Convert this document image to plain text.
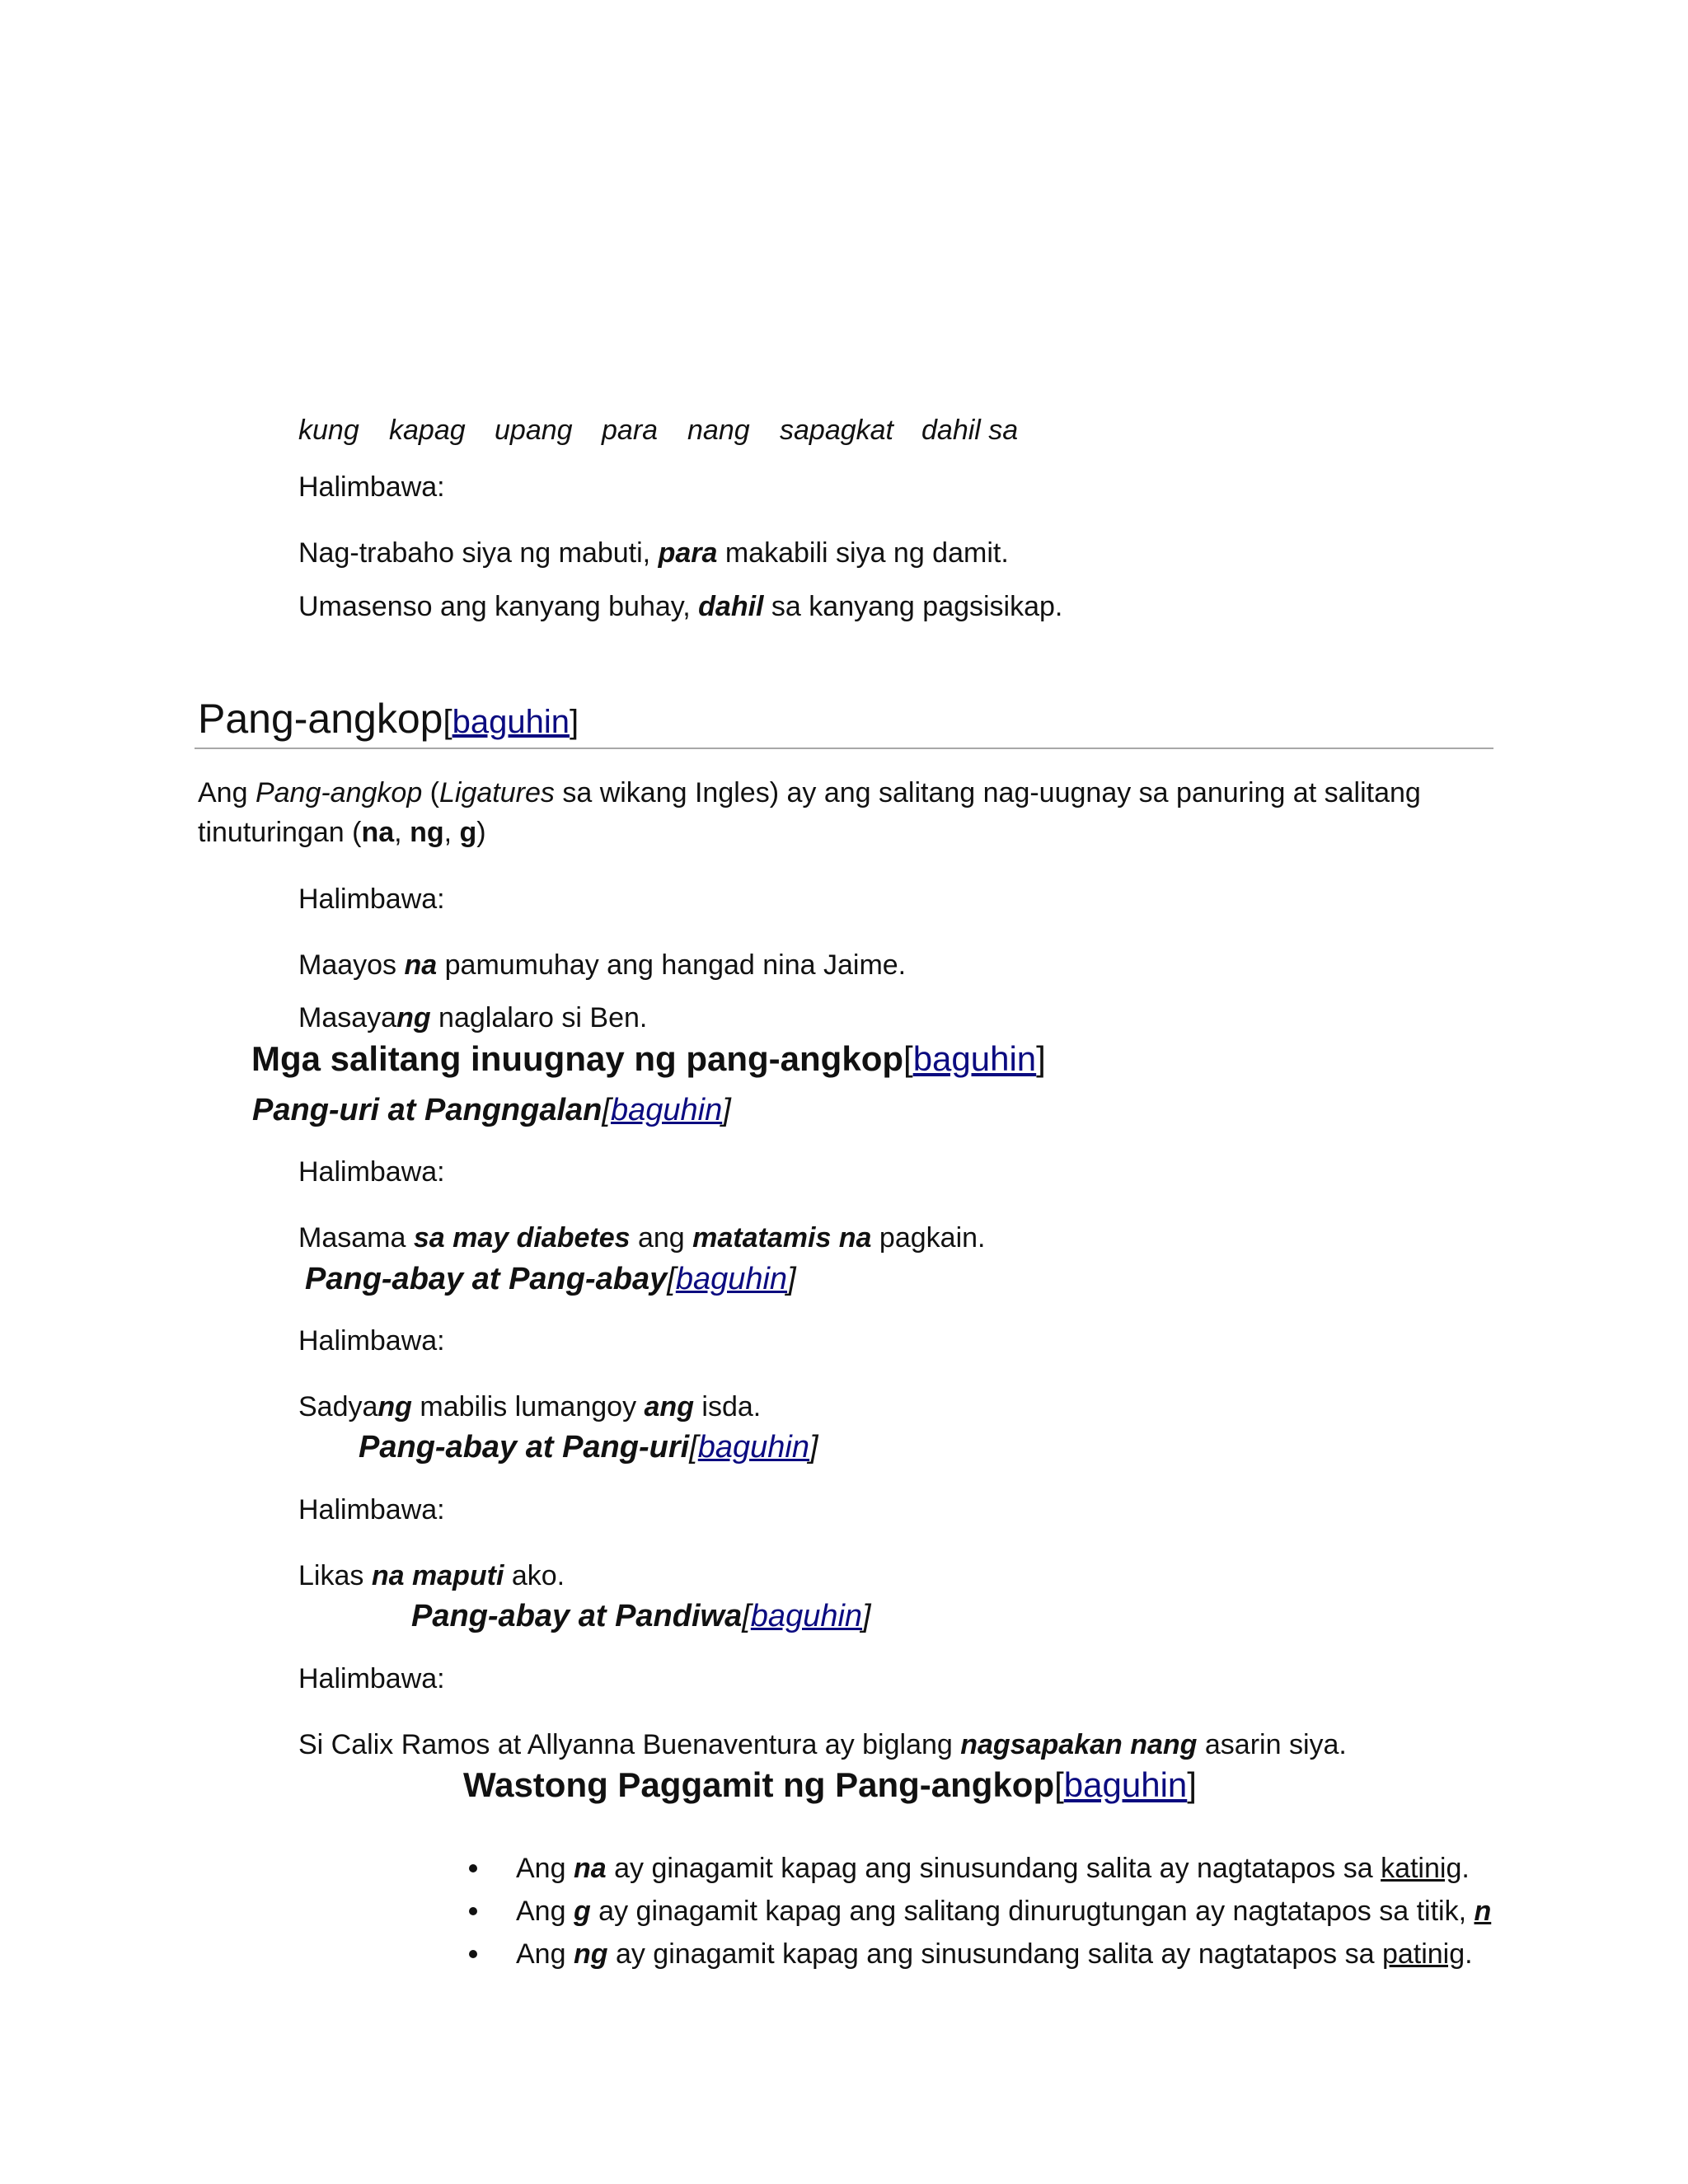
kung kapag upang para nang sapagkat dahil sa
Halimbawa:
Nag-trabaho siya ng mabuti, para makabili siya ng damit.
Umasenso ang kanyang buhay, dahil sa kanyang pagsisikap.
Pang-angkop[baguhin]
Ang Pang-angkop (Ligatures sa wikang Ingles) ay ang salitang nag-uugnay sa panuring at salitang
tinuturingan (na, ng, g)
Halimbawa:
Maayos na pamumuhay ang hangad nina Jaime.
Masayang naglalaro si Ben.
Mga salitang inuugnay ng pang-angkop[baguhin]
Pang-uri at Pangngalan[baguhin]
Halimbawa:
Masama sa may diabetes ang matatamis na pagkain.
Pang-abay at Pang-abay[baguhin]
Halimbawa:
Sadyang mabilis lumangoy ang isda.
Pang-abay at Pang-uri[baguhin]
Halimbawa:
Likas na maputi ako.
Pang-abay at Pandiwa[baguhin]
Halimbawa:
Si Calix Ramos at Allyanna Buenaventura ay biglang nagsapakan nang asarin siya.
Wastong Paggamit ng Pang-angkop[baguhin]
Ang na ay ginagamit kapag ang sinusundang salita ay nagtatapos sa katinig.
Ang g ay ginagamit kapag ang salitang dinurugtungan ay nagtatapos sa titik, n
Ang ng ay ginagamit kapag ang sinusundang salita ay nagtatapos sa patinig.
